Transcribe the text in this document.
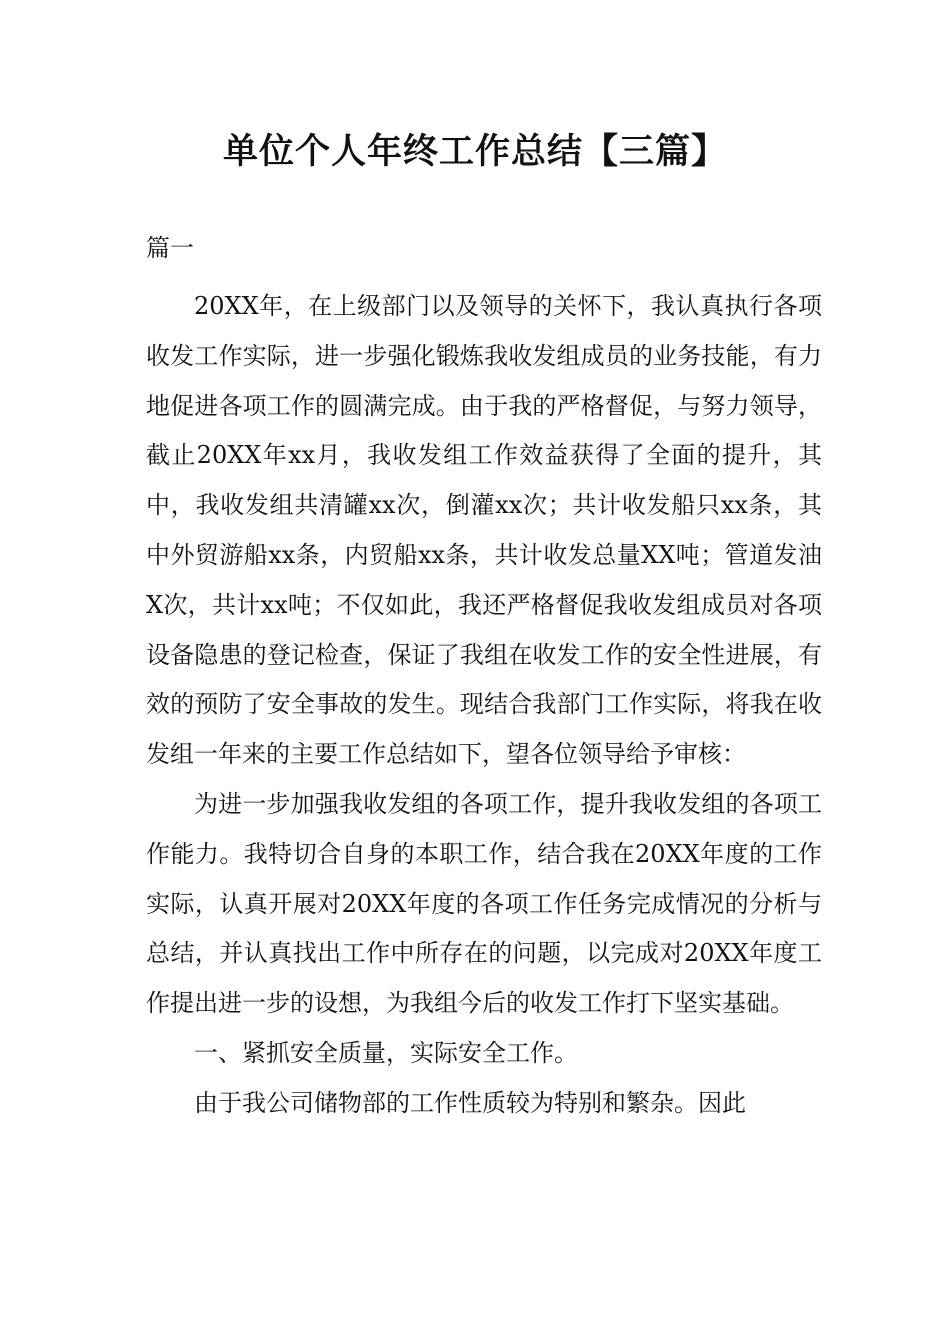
单位个人年终工作总结【三篇】

篇一

20XX年，在上级部门以及领导的关怀下，我认真执行各项收发工作实际，进一步强化锻炼我收发组成员的业务技能，有力地促进各项工作的圆满完成。由于我的严格督促，与努力领导，截止20XX年xx月，我收发组工作效益获得了全面的提升，其中，我收发组共清罐xx次，倒灌xx次；共计收发船只xx条，其中外贸游船xx条，内贸船xx条，共计收发总量XX吨；管道发油X次，共计xx吨；不仅如此，我还严格督促我收发组成员对各项设备隐患的登记检查，保证了我组在收发工作的安全性进展，有效的预防了安全事故的发生。现结合我部门工作实际，将我在收发组一年来的主要工作总结如下，望各位领导给予审核：

为进一步加强我收发组的各项工作，提升我收发组的各项工作能力。我特切合自身的本职工作，结合我在20XX年度的工作实际，认真开展对20XX年度的各项工作任务完成情况的分析与总结，并认真找出工作中所存在的问题，以完成对20XX年度工作提出进一步的设想，为我组今后的收发工作打下坚实基础。

一、紧抓安全质量，实际安全工作。

由于我公司储物部的工作性质较为特别和繁杂。因此
